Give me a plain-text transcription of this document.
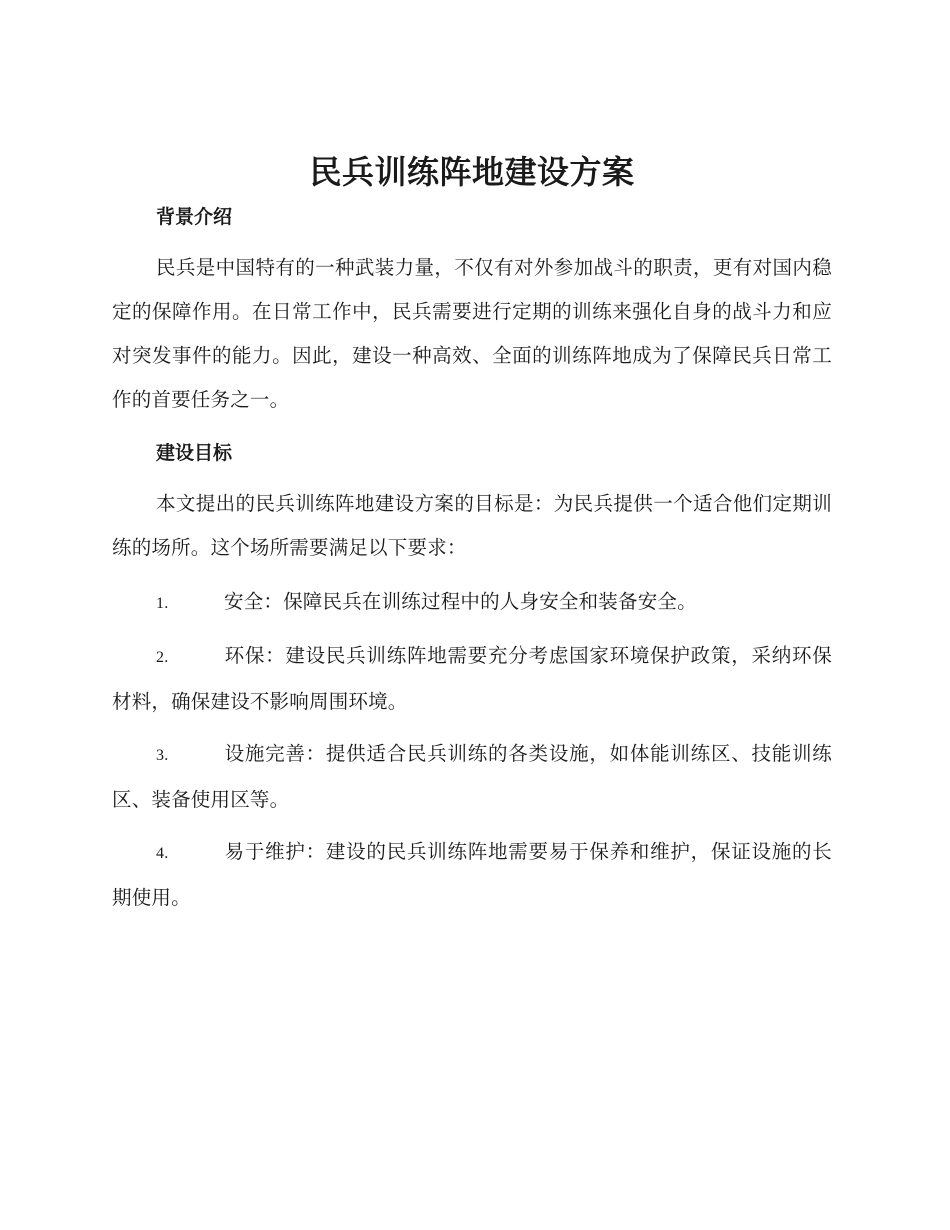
民兵训练阵地建设方案
背景介绍

民兵是中国特有的一种武装力量，不仅有对外参加战斗的职责，更有对国内稳定的保障作用。在日常工作中，民兵需要进行定期的训练来强化自身的战斗力和应对突发事件的能力。因此，建设一种高效、全面的训练阵地成为了保障民兵日常工作的首要任务之一。

建设目标

本文提出的民兵训练阵地建设方案的目标是：为民兵提供一个适合他们定期训练的场所。这个场所需要满足以下要求：

1.	安全：保障民兵在训练过程中的人身安全和装备安全。
2.	环保：建设民兵训练阵地需要充分考虑国家环境保护政策，采纳环保材料，确保建设不影响周围环境。
3.	设施完善：提供适合民兵训练的各类设施，如体能训练区、技能训练区、装备使用区等。
4.	易于维护：建设的民兵训练阵地需要易于保养和维护，保证设施的长期使用。
